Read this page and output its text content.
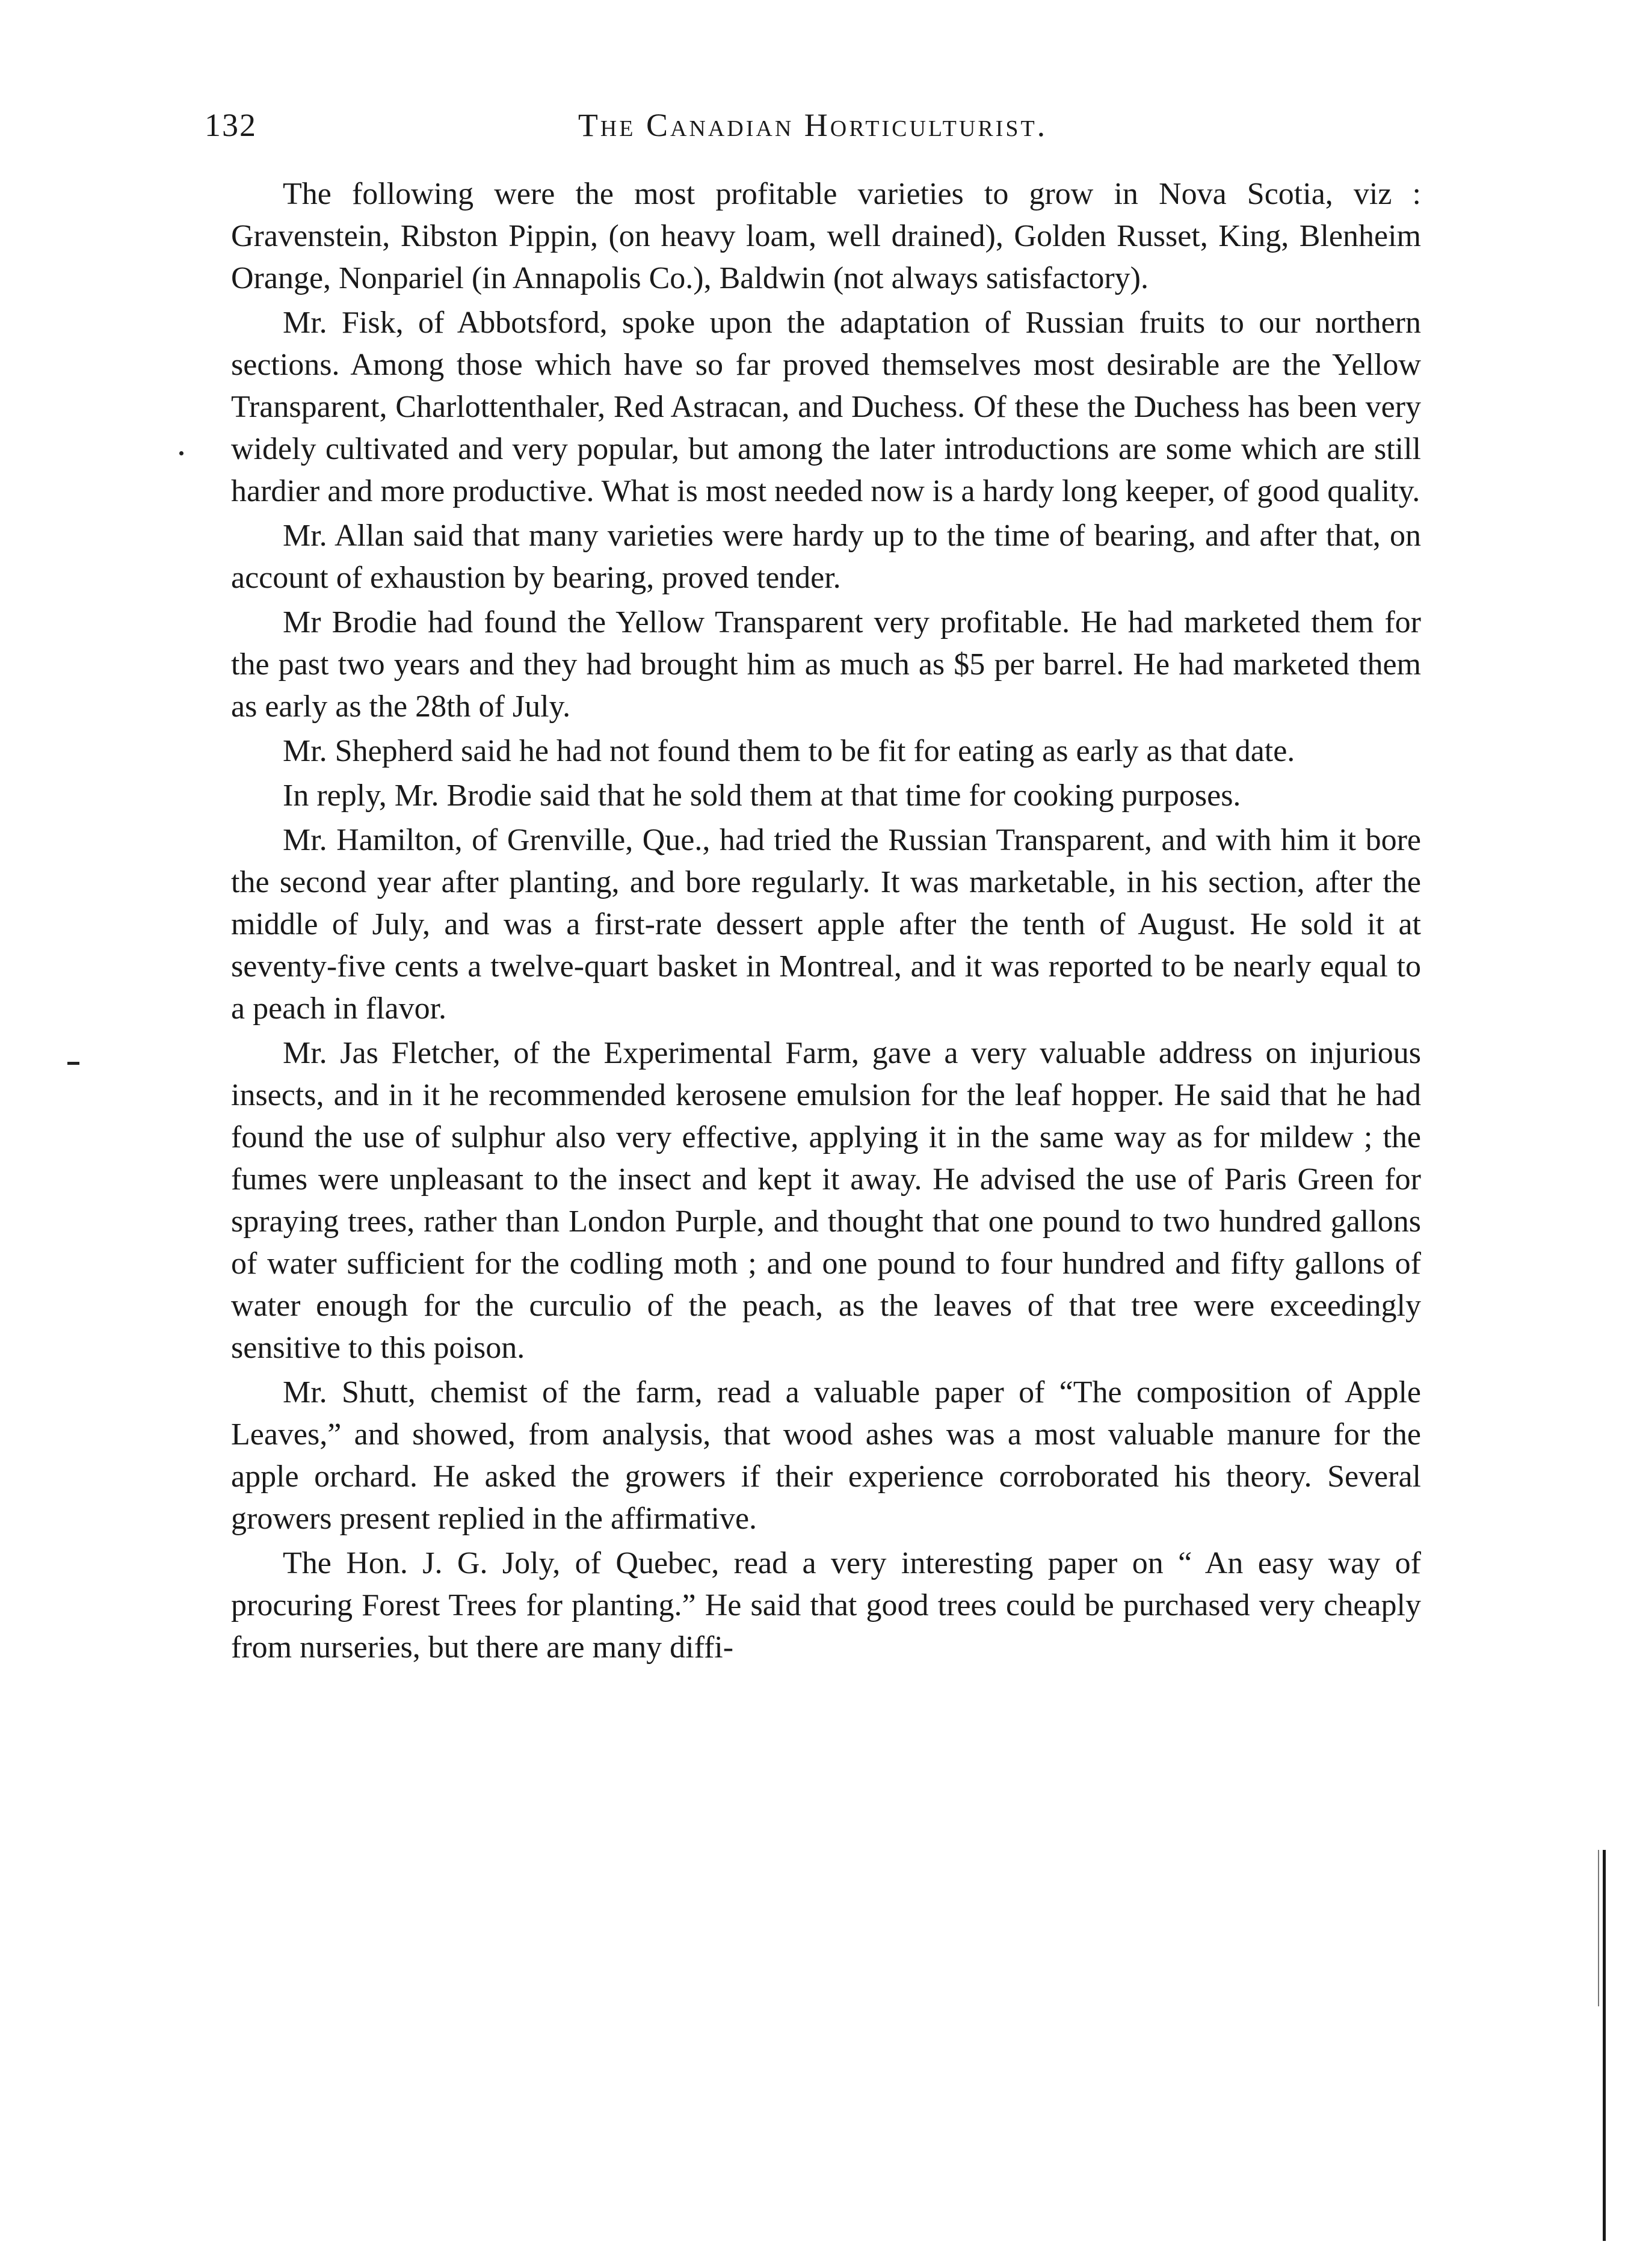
132	The Canadian Horticulturist.

The following were the most profitable varieties to grow in Nova Scotia, viz : Gravenstein, Ribston Pippin, (on heavy loam, well drained), Golden Russet, King, Blenheim Orange, Nonpariel (in Annapolis Co.), Baldwin (not always satisfactory).

Mr. Fisk, of Abbotsford, spoke upon the adaptation of Russian fruits to our northern sections. Among those which have so far proved themselves most desirable are the Yellow Transparent, Charlottenthaler, Red Astracan, and Duchess. Of these the Duchess has been very widely cultivated and very popular, but among the later introductions are some which are still hardier and more productive. What is most needed now is a hardy long keeper, of good quality.

Mr. Allan said that many varieties were hardy up to the time of bearing, and after that, on account of exhaustion by bearing, proved tender.

Mr Brodie had found the Yellow Transparent very profitable. He had marketed them for the past two years and they had brought him as much as $5 per barrel. He had marketed them as early as the 28th of July.

Mr. Shepherd said he had not found them to be fit for eating as early as that date.

In reply, Mr. Brodie said that he sold them at that time for cooking purposes.

Mr. Hamilton, of Grenville, Que., had tried the Russian Transparent, and with him it bore the second year after planting, and bore regularly. It was marketable, in his section, after the middle of July, and was a first-rate dessert apple after the tenth of August. He sold it at seventy-five cents a twelve-quart basket in Montreal, and it was reported to be nearly equal to a peach in flavor.

Mr. Jas Fletcher, of the Experimental Farm, gave a very valuable address on injurious insects, and in it he recommended kerosene emulsion for the leaf hopper. He said that he had found the use of sulphur also very effective, applying it in the same way as for mildew ; the fumes were unpleasant to the insect and kept it away. He advised the use of Paris Green for spraying trees, rather than London Purple, and thought that one pound to two hundred gallons of water sufficient for the codling moth ; and one pound to four hundred and fifty gallons of water enough for the curculio of the peach, as the leaves of that tree were exceedingly sensitive to this poison.

Mr. Shutt, chemist of the farm, read a valuable paper of “The composition of Apple Leaves,” and showed, from analysis, that wood ashes was a most valuable manure for the apple orchard. He asked the growers if their experience corroborated his theory. Several growers present replied in the affirmative.

The Hon. J. G. Joly, of Quebec, read a very interesting paper on “ An easy way of procuring Forest Trees for planting.” He said that good trees could be purchased very cheaply from nurseries, but there are many diffi-
